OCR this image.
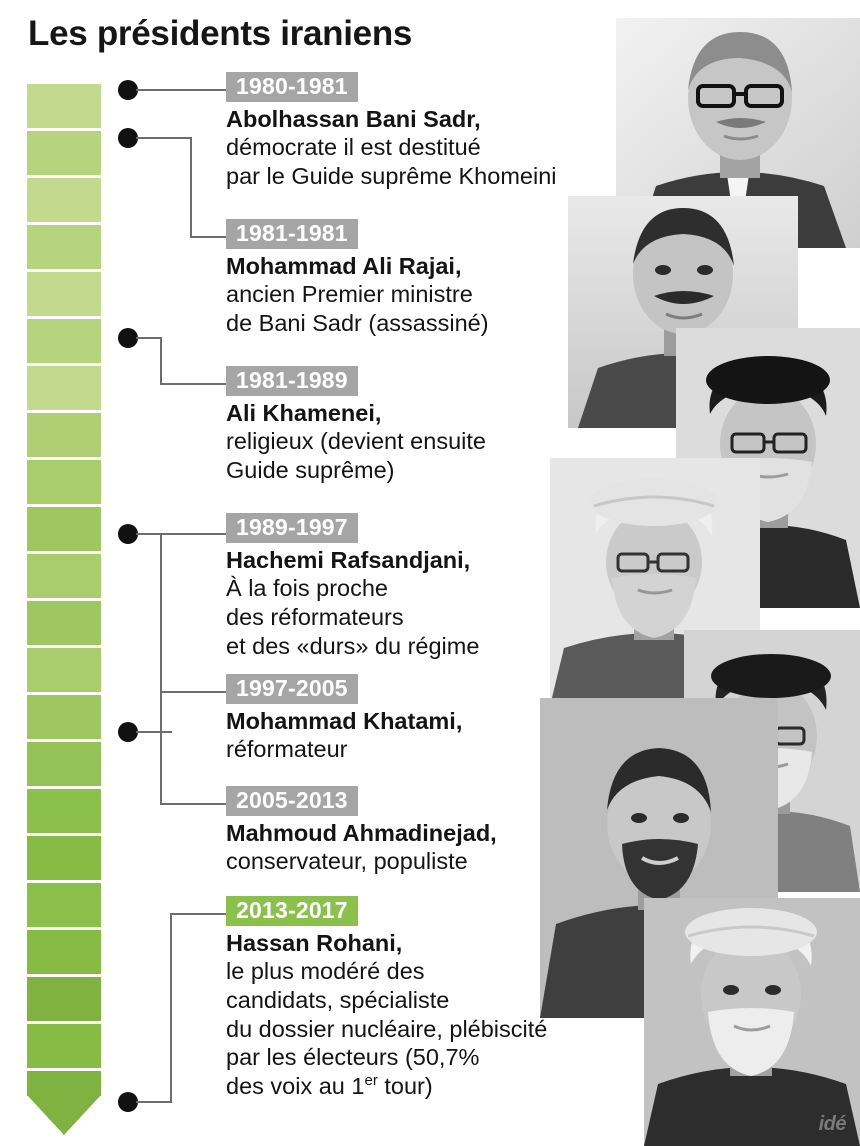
Les présidents iraniens
idé
1980-1981
Abolhassan Bani Sadr,
démocrate il est destitué
par le Guide suprême Khomeini
1981-1981
Mohammad Ali Rajai,
ancien Premier ministre
de Bani Sadr (assassiné)
1981-1989
Ali Khamenei,
religieux (devient ensuite
Guide suprême)
1989-1997
Hachemi Rafsandjani,
À la fois proche
des réformateurs
et des «durs» du régime
1997-2005
Mohammad Khatami,
réformateur
2005-2013
Mahmoud Ahmadinejad,
conservateur, populiste
2013-2017
Hassan Rohani,
le plus modéré des
candidats, spécialiste
du dossier nucléaire, plébiscité
par les électeurs (50,7%
des voix au 1er tour)
